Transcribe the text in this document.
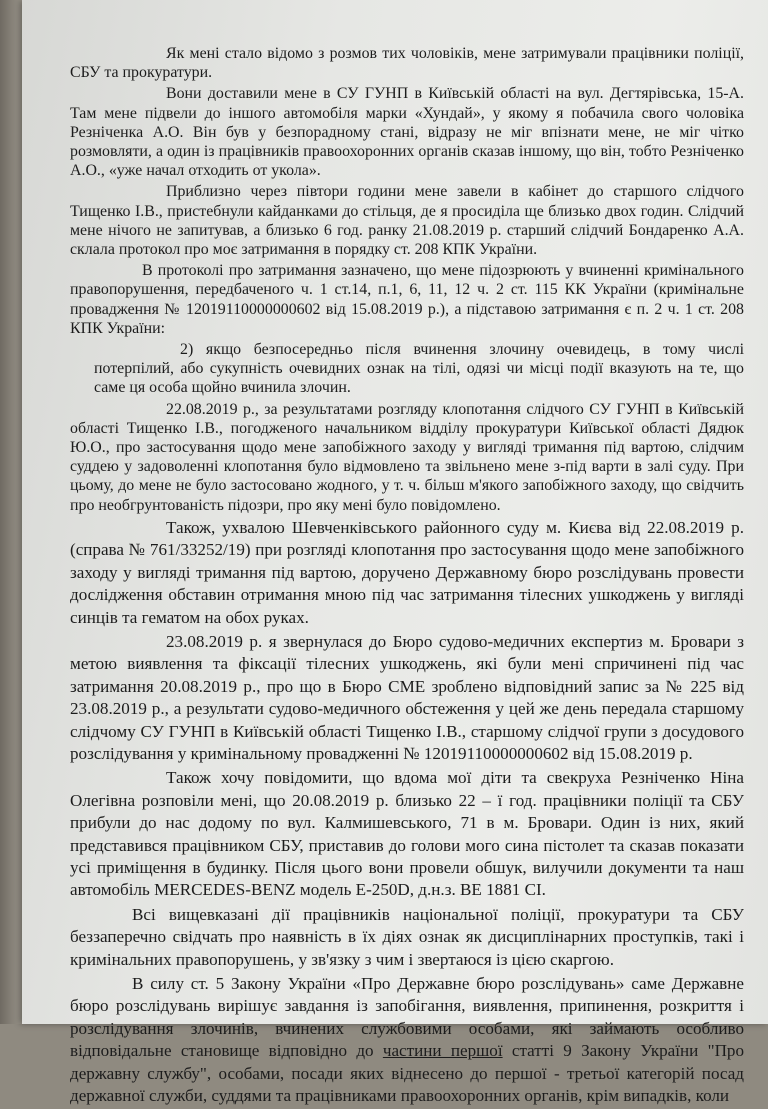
Як мені стало відомо з розмов тих чоловіків, мене затримували працівники поліції, СБУ та прокуратури.

Вони доставили мене в СУ ГУНП в Київській області на вул. Дегтярівська, 15-А. Там мене підвели до іншого автомобіля марки «Хундай», у якому я побачила свого чоловіка Резніченка А.О. Він був у безпорадному стані, відразу не міг впізнати мене, не міг чітко розмовляти, а один із працівників правоохоронних органів сказав іншому, що він, тобто Резніченко А.О., «уже начал отходить от укола».

Приблизно через півтори години мене завели в кабінет до старшого слідчого Тищенко І.В., пристебнули кайданками до стільця, де я просиділа ще близько двох годин. Слідчий мене нічого не запитував, а близько 6 год. ранку 21.08.2019 р. старший слідчий Бондаренко А.А. склала протокол про моє затримання в порядку ст. 208 КПК України.

В протоколі про затримання зазначено, що мене підозрюють у вчиненні кримінального правопорушення, передбаченого ч. 1 ст.14, п.1, 6, 11, 12 ч. 2 ст. 115 КК України (кримінальне провадження № 12019110000000602 від 15.08.2019 р.), а підставою затримання є п. 2 ч. 1 ст. 208 КПК України:

2) якщо безпосередньо після вчинення злочину очевидець, в тому числі потерпілий, або сукупність очевидних ознак на тілі, одязі чи місці події вказують на те, що саме ця особа щойно вчинила злочин.

22.08.2019 р., за результатами розгляду клопотання слідчого СУ ГУНП в Київській області Тищенко І.В., погодженого начальником відділу прокуратури Київської області Дядюк Ю.О., про застосування щодо мене запобіжного заходу у вигляді тримання під вартою, слідчим суддею у задоволенні клопотання було відмовлено та звільнено мене з-під варти в залі суду. При цьому, до мене не було застосовано жодного, у т. ч. більш м'якого запобіжного заходу, що свідчить про необгрунтованість підозри, про яку мені було повідомлено.

Також, ухвалою Шевченківського районного суду м. Києва від 22.08.2019 р. (справа № 761/33252/19) при розгляді клопотання про застосування щодо мене запобіжного заходу у вигляді тримання під вартою, доручено Державному бюро розслідувань провести дослідження обставин отримання мною під час затримання тілесних ушкоджень у вигляді синців та гематом на обох руках.

23.08.2019 р. я звернулася до Бюро судово-медичних експертиз м. Бровари з метою виявлення та фіксації тілесних ушкоджень, які були мені спричинені під час затримання 20.08.2019 р., про що в Бюро СМЕ зроблено відповідний запис за № 225 від 23.08.2019 р., а результати судово-медичного обстеження у цей же день передала старшому слідчому СУ ГУНП в Київській області Тищенко І.В., старшому слідчої групи з досудового розслідування у кримінальному провадженні № 12019110000000602 від 15.08.2019 р.

Також хочу повідомити, що вдома мої діти та свекруха Резніченко Ніна Олегівна розповіли мені, що 20.08.2019 р. близько 22 – ї год. працівники поліції та СБУ прибули до нас додому по вул. Калмишевського, 71 в м. Бровари. Один із них, який представився працівником СБУ, приставив до голови мого сина пістолет та сказав показати усі приміщення в будинку. Після цього вони провели обшук, вилучили документи та наш автомобіль MERCEDES-BENZ модель E-250D, д.н.з. ВЕ 1881 СІ.

Всі вищевказані дії працівників національної поліції, прокуратури та СБУ беззаперечно свідчать про наявність в їх діях ознак як дисциплінарних проступків, такі і кримінальних правопорушень, у зв'язку з чим і звертаюся із цією скаргою.

В силу ст. 5 Закону України «Про Державне бюро розслідувань» саме Державне бюро розслідувань вирішує завдання із запобігання, виявлення, припинення, розкриття і розслідування злочинів, вчинених службовими особами, які займають особливо відповідальне становище відповідно до частини першої статті 9 Закону України "Про державну службу", особами, посади яких віднесено до першої - третьої категорій посад державної служби, суддями та працівниками правоохоронних органів, крім випадків, коли
